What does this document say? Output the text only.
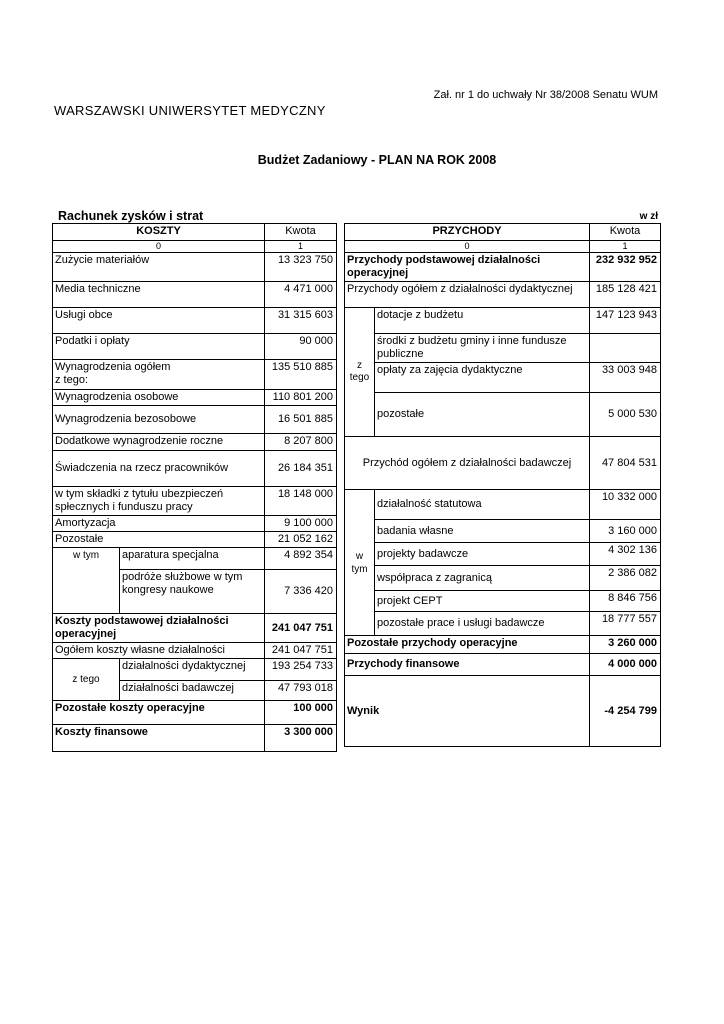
Zał. nr 1 do uchwały Nr 38/2008 Senatu WUM
WARSZAWSKI UNIWERSYTET MEDYCZNY
Budżet Zadaniowy - PLAN NA ROK 2008
Rachunek zysków i strat	w zł
KOSZTY		Kwota
0		1
Zużycie materiałów		13 323 750
Media techniczne		4 471 000
Usługi obce		31 315 603
Podatki i opłaty		90 000

Wynagrodzenia ogółem
z tego:		135 510 885
Wynagrodzenia osobowe		110 801 200
Wynagrodzenia bezosobowe		16 501 885
Dodatkowe wynagrodzenie roczne		8 207 800
Świadczenia na rzecz pracowników		26 184 351
w tym składki z tytułu ubezpieczeń spłecznych i funduszu pracy		18 148 000
Amortyzacja		9 100 000
Pozostałe		21 052 162
w tym	aparatura specjalna	4 892 354
	podróże służbowe w tym kongresy naukowe	7 336 420
Koszty podstawowej działalności operacyjnej		241 047 751
Ogółem koszty własne działalności		241 047 751
z tego	działalności dydaktycznej	193 254 733
	działalności badawczej	47 793 018
Pozostałe koszty operacyjne		100 000
Koszty finansowe		3 300 000
PRZYCHODY		Kwota
0		1
Przychody podstawowej działalności operacyjnej		232 932 952
Przychody ogółem z działalności dydaktycznej		185 128 421
z tego	dotacje z budżetu	147 123 943
	środki z budżetu gminy i inne fundusze publiczne	
	opłaty za zajęcia dydaktyczne	33 003 948
	pozostałe	5 000 530
Przychód ogółem z działalności badawczej		47 804 531
w tym	działalność statutowa	10 332 000
	badania własne	3 160 000
	projekty badawcze	4 302 136
	współpraca z zagranicą	2 386 082
	projekt CEPT	8 846 756
	pozostałe prace i usługi badawcze	18 777 557
Pozostałe przychody operacyjne		3 260 000
Przychody finansowe		4 000 000
Wynik		-4 254 799
